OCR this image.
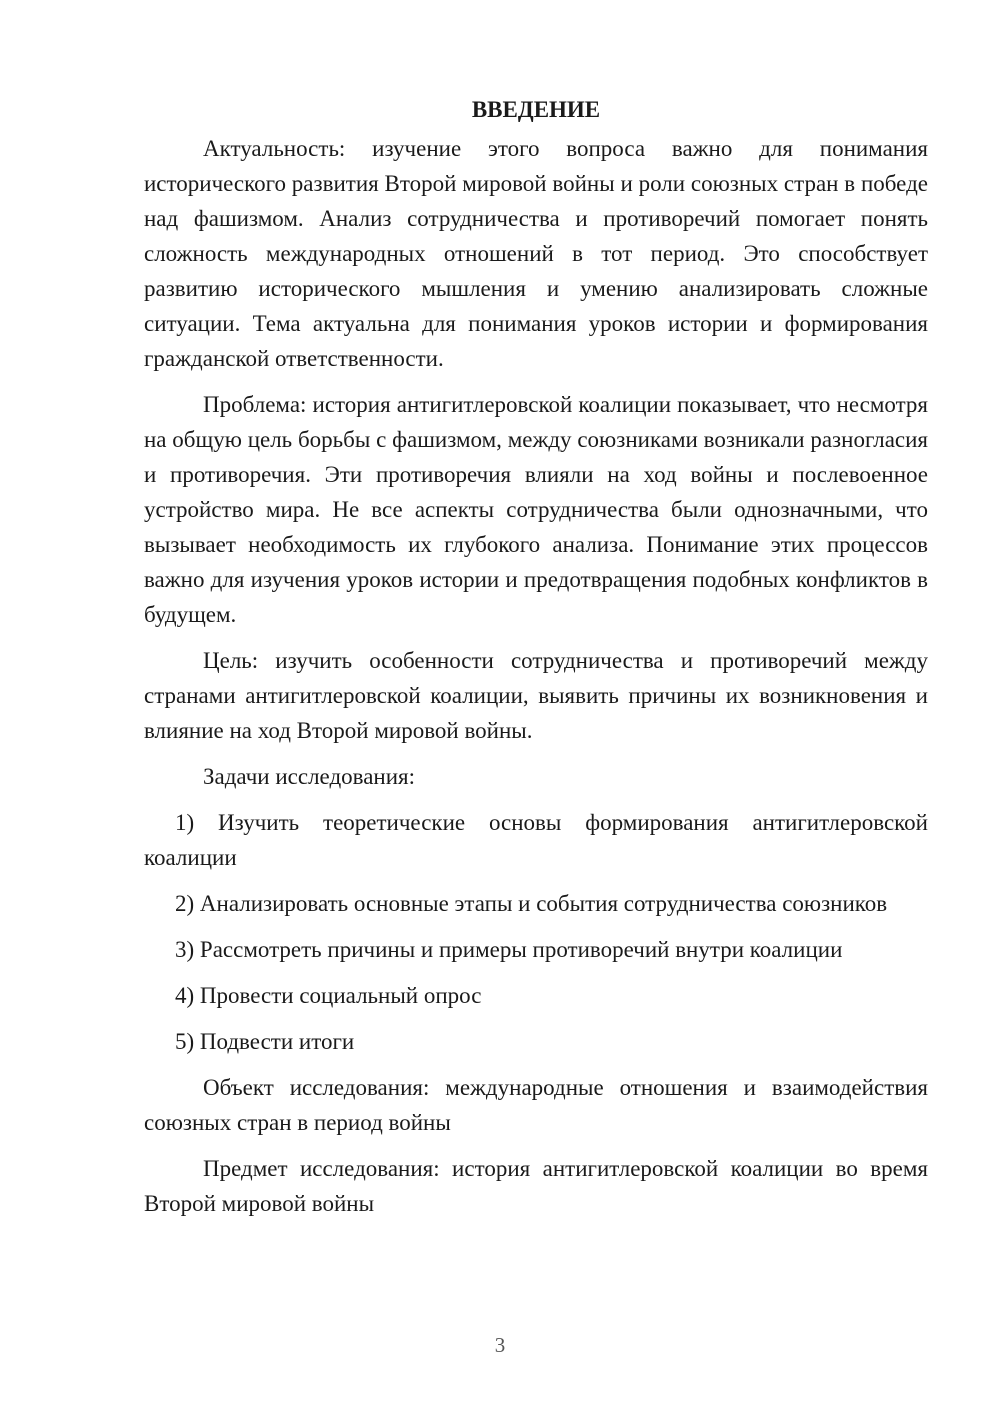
ВВЕДЕНИЕ

Актуальность: изучение этого вопроса важно для понимания исторического развития Второй мировой войны и роли союзных стран в победе над фашизмом. Анализ сотрудничества и противоречий помогает понять сложность международных отношений в тот период. Это способствует развитию исторического мышления и умению анализировать сложные ситуации. Тема актуальна для понимания уроков истории и формирования гражданской ответственности.

Проблема: история антигитлеровской коалиции показывает, что несмотря на общую цель борьбы с фашизмом, между союзниками возникали разногласия и противоречия. Эти противоречия влияли на ход войны и послевоенное устройство мира. Не все аспекты сотрудничества были однозначными, что вызывает необходимость их глубокого анализа. Понимание этих процессов важно для изучения уроков истории и предотвращения подобных конфликтов в будущем.

Цель: изучить особенности сотрудничества и противоречий между странами антигитлеровской коалиции, выявить причины их возникновения и влияние на ход Второй мировой войны.

Задачи исследования:

1) Изучить теоретические основы формирования антигитлеровской коалиции

2) Анализировать основные этапы и события сотрудничества союзников

3) Рассмотреть причины и примеры противоречий внутри коалиции

4) Провести социальный опрос

5) Подвести итоги

Объект исследования: международные отношения и взаимодействия союзных стран в период войны

Предмет исследования: история антигитлеровской коалиции во время Второй мировой войны

3
